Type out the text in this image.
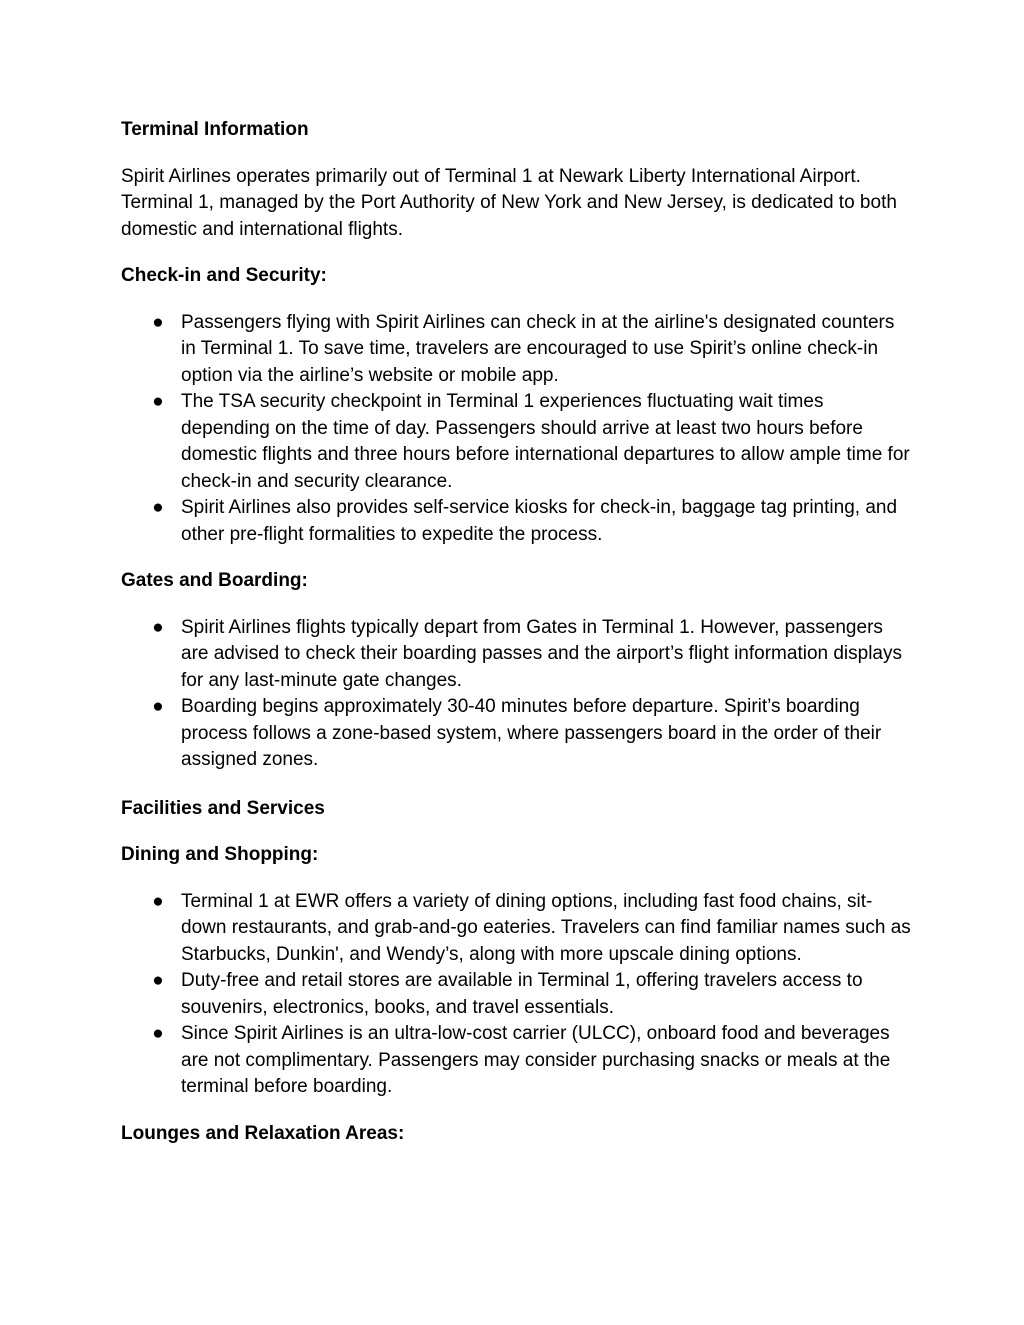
Terminal Information

Spirit Airlines operates primarily out of Terminal 1 at Newark Liberty International Airport. Terminal 1, managed by the Port Authority of New York and New Jersey, is dedicated to both domestic and international flights.

Check-in and Security:

● Passengers flying with Spirit Airlines can check in at the airline's designated counters in Terminal 1. To save time, travelers are encouraged to use Spirit’s online check-in option via the airline’s website or mobile app.
● The TSA security checkpoint in Terminal 1 experiences fluctuating wait times depending on the time of day. Passengers should arrive at least two hours before domestic flights and three hours before international departures to allow ample time for check-in and security clearance.
● Spirit Airlines also provides self-service kiosks for check-in, baggage tag printing, and other pre-flight formalities to expedite the process.

Gates and Boarding:

● Spirit Airlines flights typically depart from Gates in Terminal 1. However, passengers are advised to check their boarding passes and the airport’s flight information displays for any last-minute gate changes.
● Boarding begins approximately 30-40 minutes before departure. Spirit’s boarding process follows a zone-based system, where passengers board in the order of their assigned zones.

Facilities and Services

Dining and Shopping:

● Terminal 1 at EWR offers a variety of dining options, including fast food chains, sit-down restaurants, and grab-and-go eateries. Travelers can find familiar names such as Starbucks, Dunkin', and Wendy’s, along with more upscale dining options.
● Duty-free and retail stores are available in Terminal 1, offering travelers access to souvenirs, electronics, books, and travel essentials.
● Since Spirit Airlines is an ultra-low-cost carrier (ULCC), onboard food and beverages are not complimentary. Passengers may consider purchasing snacks or meals at the terminal before boarding.

Lounges and Relaxation Areas:
